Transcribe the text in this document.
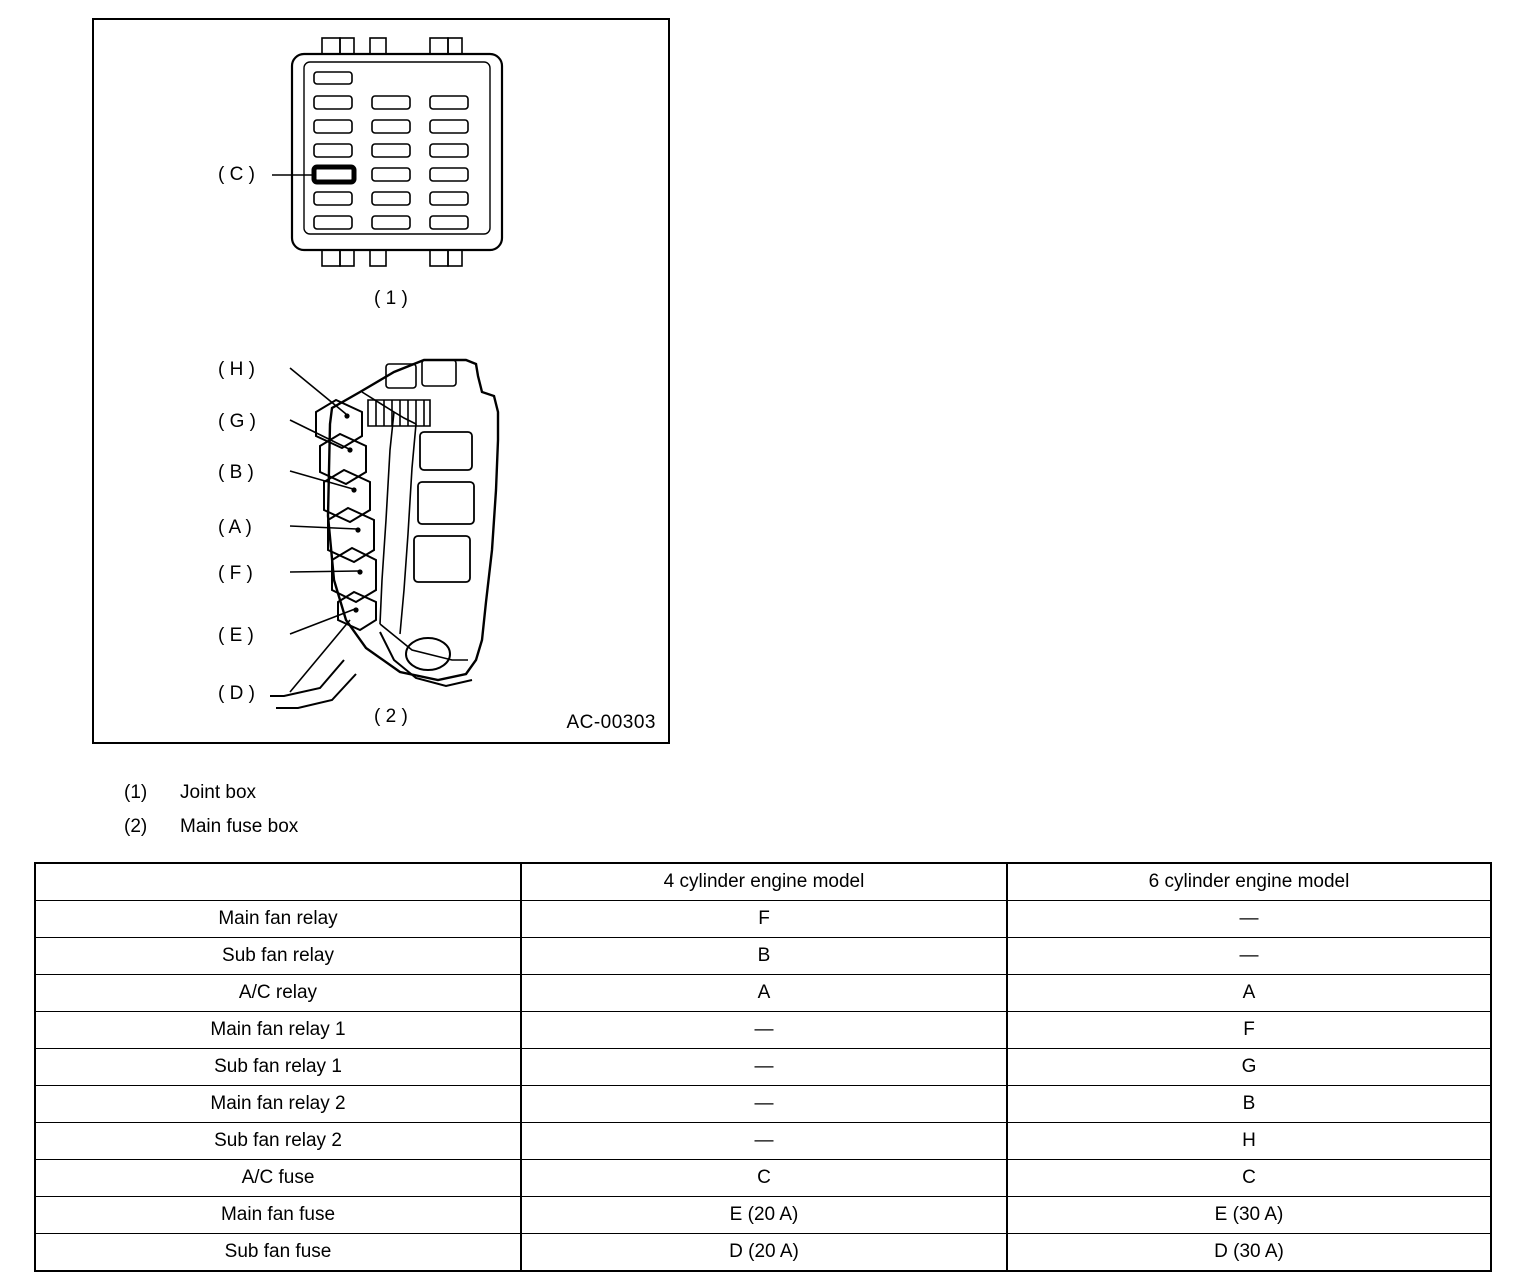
( C )
( 1 )
( H )
( G )
( B )
( A )
( F )
( E )
( D )
( 2 )	AC-00303
(1)	Joint box
(2)	Main fuse box
	4 cylinder engine model	6 cylinder engine model
Main fan relay	F	—
Sub fan relay	B	—
A/C relay	A	A
Main fan relay 1	—	F
Sub fan relay 1	—	G
Main fan relay 2	—	B
Sub fan relay 2	—	H
A/C fuse	C	C
Main fan fuse	E (20 A)	E (30 A)
Sub fan fuse	D (20 A)	D (30 A)
